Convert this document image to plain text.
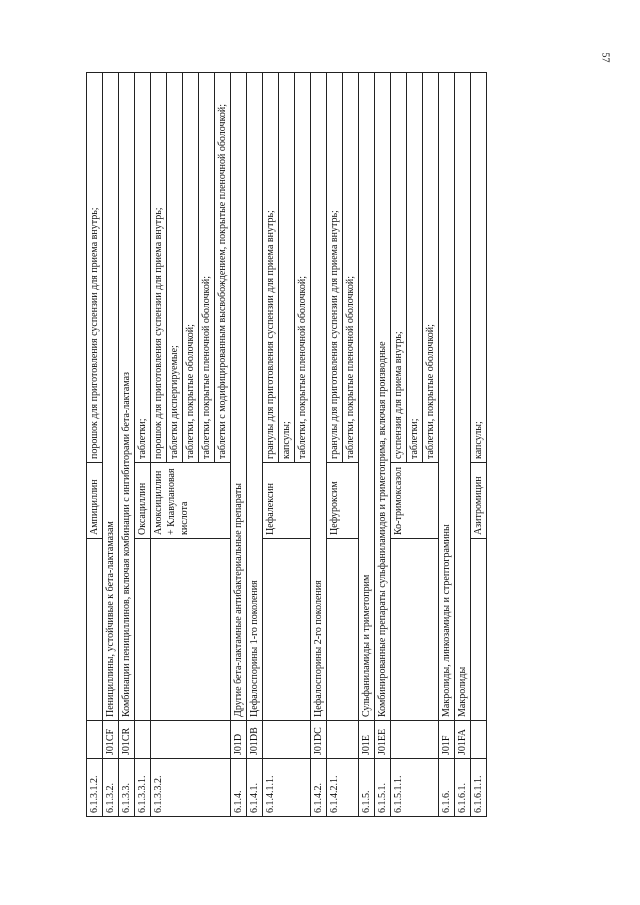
57
6.1.3.1.2.			Ампициллин	порошок для приготовления суспензии для приема внутрь;
6.1.3.2.	J01CF	Пенициллины, устойчивые к бета-лактамазам		
6.1.3.3.	J01CR	Комбинации пенициллинов, включая комбинации с ингибиторами бета-лактамаз		
6.1.3.3.1.			Оксациллин	таблетки;
6.1.3.3.2.			Амоксициллин + Клавулановая кислота	порошок для приготовления суспензии для приема внутрь;
				таблетки диспергируемые;
				таблетки, покрытые оболочкой;
				таблетки, покрытые пленочной оболочкой;
				таблетки с модифицированным высвобождением, покрытые пленочной оболочкой;
6.1.4.	J01D	Другие бета-лактамные антибактериальные препараты		
6.1.4.1.	J01DB	Цефалоспорины 1-го поколения		
6.1.4.1.1.			Цефалексин	гранулы для приготовления суспензии для приема внутрь;
				капсулы;
				таблетки, покрытые пленочной оболочкой;
6.1.4.2.	J01DC	Цефалоспорины 2-го поколения		
6.1.4.2.1.			Цефуроксим	гранулы для приготовления суспензии для приема внутрь;
				таблетки, покрытые пленочной оболочкой;
6.1.5.	J01E	Сульфаниламиды и триметоприм		
6.1.5.1.	J01EE	Комбинированные препараты сульфаниламидов и триметоприма, включая производные		
6.1.5.1.1.			Ко-тримоксазол	суспензия для приема внутрь;
				таблетки;
				таблетки, покрытые оболочкой;
6.1.6.	J01F	Макролиды, линкозамиды и стрептограмины		
6.1.6.1.	J01FA	Макролиды		
6.1.6.1.1.			Азитромицин	капсулы;
